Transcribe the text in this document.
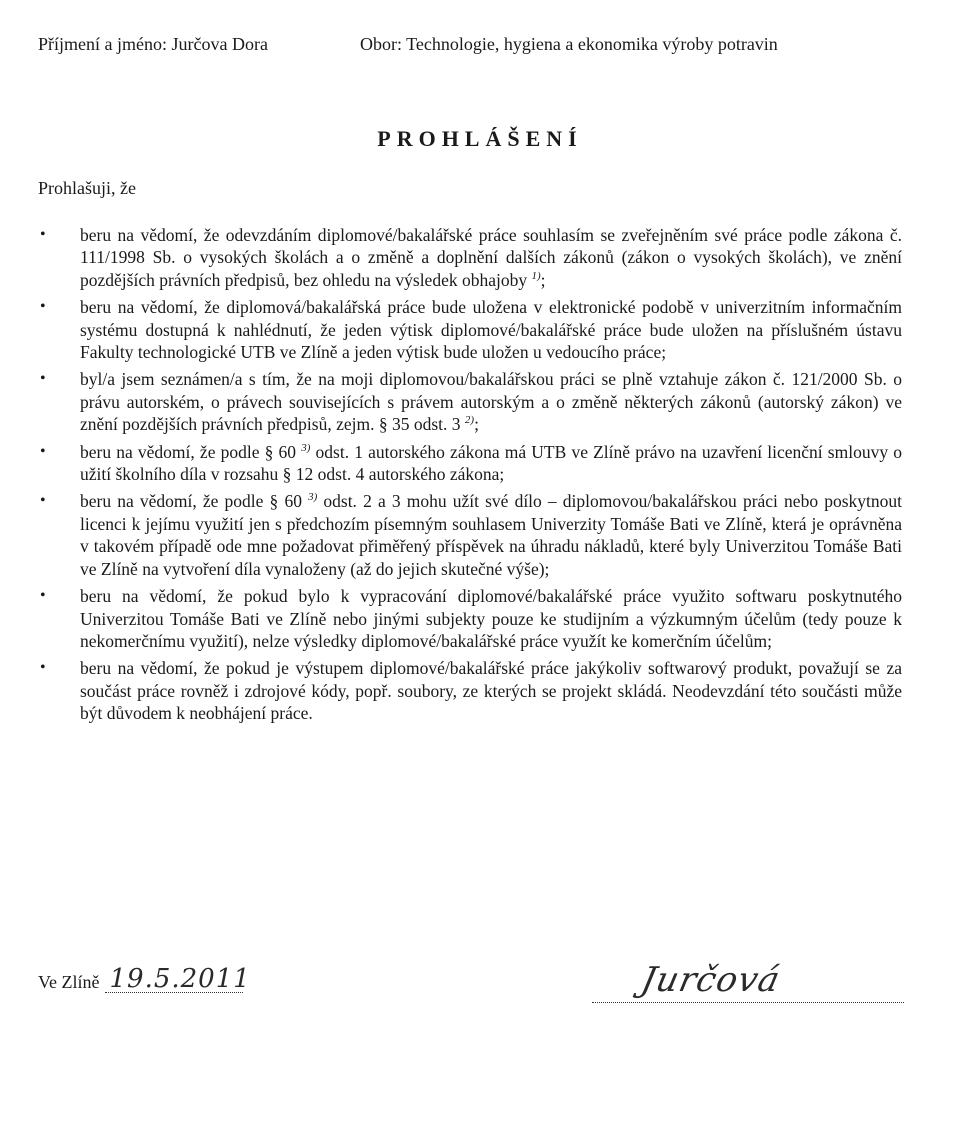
Příjmení a jméno: Jurčova Dora	Obor: Technologie, hygiena a ekonomika výroby potravin
PROHLÁŠENÍ
Prohlašuji, že
•	beru na vědomí, že odevzdáním diplomové/bakalářské práce souhlasím se zveřejněním své práce podle zákona č. 111/1998 Sb. o vysokých školách a o změně a doplnění dalších zákonů (zákon o vysokých školách), ve znění pozdějších právních předpisů, bez ohledu na výsledek obhajoby $^{1)}$;
•	beru na vědomí, že diplomová/bakalářská práce bude uložena v elektronické podobě v univerzitním informačním systému dostupná k nahlédnutí, že jeden výtisk diplomové/bakalářské práce bude uložen na příslušném ústavu Fakulty technologické UTB ve Zlíně a jeden výtisk bude uložen u vedoucího práce;
•	byl/a jsem seznámen/a s tím, že na moji diplomovou/bakalářskou práci se plně vztahuje zákon č. 121/2000 Sb. o právu autorském, o právech souvisejících s právem autorským a o změně některých zákonů (autorský zákon) ve znění pozdějších právních předpisů, zejm. § 35 odst. 3 $^{2)}$;
•	beru na vědomí, že podle § 60 $^{3)}$ odst. 1 autorského zákona má UTB ve Zlíně právo na uzavření licenční smlouvy o užití školního díla v rozsahu § 12 odst. 4 autorského zákona;
•	beru na vědomí, že podle § 60 $^{3)}$ odst. 2 a 3 mohu užít své dílo – diplomovou/bakalářskou práci nebo poskytnout licenci k jejímu využití jen s předchozím písemným souhlasem Univerzity Tomáše Bati ve Zlíně, která je oprávněna v takovém případě ode mne požadovat přiměřený příspěvek na úhradu nákladů, které byly Univerzitou Tomáše Bati ve Zlíně na vytvoření díla vynaloženy (až do jejich skutečné výše);
•	beru na vědomí, že pokud bylo k vypracování diplomové/bakalářské práce využito softwaru poskytnutého Univerzitou Tomáše Bati ve Zlíně nebo jinými subjekty pouze ke studijním a výzkumným účelům (tedy pouze k nekomerčnímu využití), nelze výsledky diplomové/bakalářské práce využít ke komerčním účelům;
•	beru na vědomí, že pokud je výstupem diplomové/bakalářské práce jakýkoliv softwarový produkt, považují se za součást práce rovněž i zdrojové kódy, popř. soubory, ze kterých se projekt skládá. Neodevzdání této součásti může být důvodem k neobhájení práce.
Ve Zlíně 19.5.2011	Jurčová
